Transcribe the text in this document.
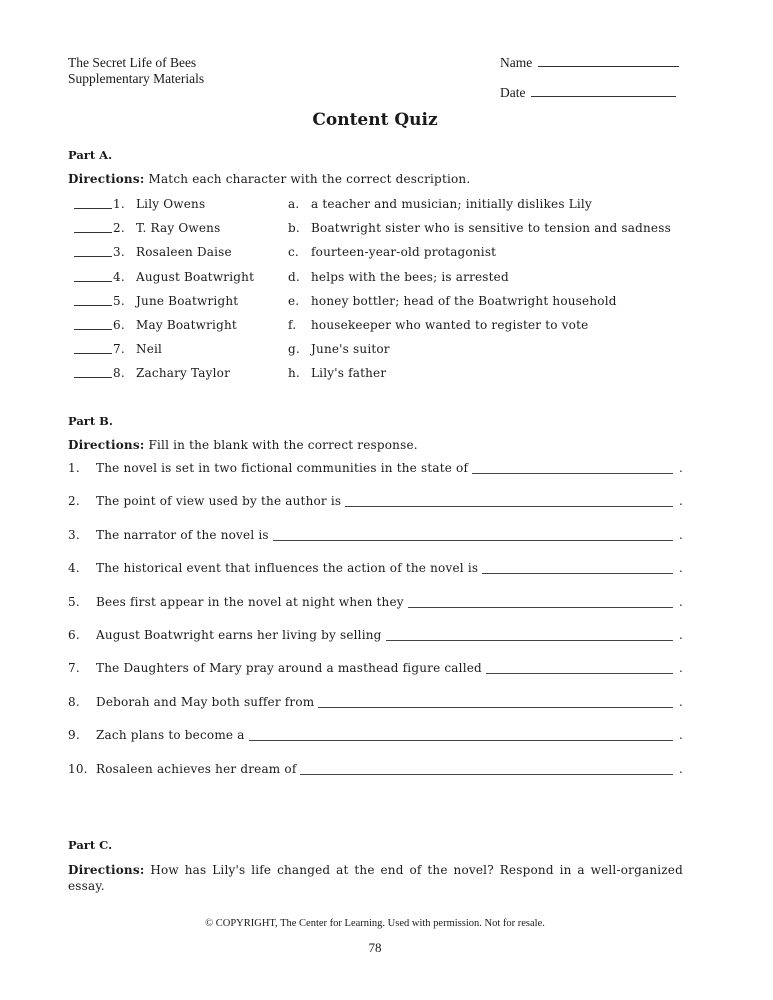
The Secret Life of Bees
Supplementary Materials
Name
Date
Content Quiz
Part A.
Directions: Match each character with the correct description.
1. Lily Owens	a. a teacher and musician; initially dislikes Lily
2. T. Ray Owens	b. Boatwright sister who is sensitive to tension and sadness
3. Rosaleen Daise	c. fourteen-year-old protagonist
4. August Boatwright	d. helps with the bees; is arrested
5. June Boatwright	e. honey bottler; head of the Boatwright household
6. May Boatwright	f. housekeeper who wanted to register to vote
7. Neil	g. June's suitor
8. Zachary Taylor	h. Lily's father
Part B.
Directions: Fill in the blank with the correct response.
1. The novel is set in two fictional communities in the state of	.
2. The point of view used by the author is	.
3. The narrator of the novel is	.
4. The historical event that influences the action of the novel is	.
5. Bees first appear in the novel at night when they	.
6. August Boatwright earns her living by selling	.
7. The Daughters of Mary pray around a masthead figure called	.
8. Deborah and May both suffer from	.
9. Zach plans to become a	.
10. Rosaleen achieves her dream of	.
Part C.
Directions: How has Lily's life changed at the end of the novel? Respond in a well-organized essay.
© COPYRIGHT, The Center for Learning. Used with permission. Not for resale.
78
